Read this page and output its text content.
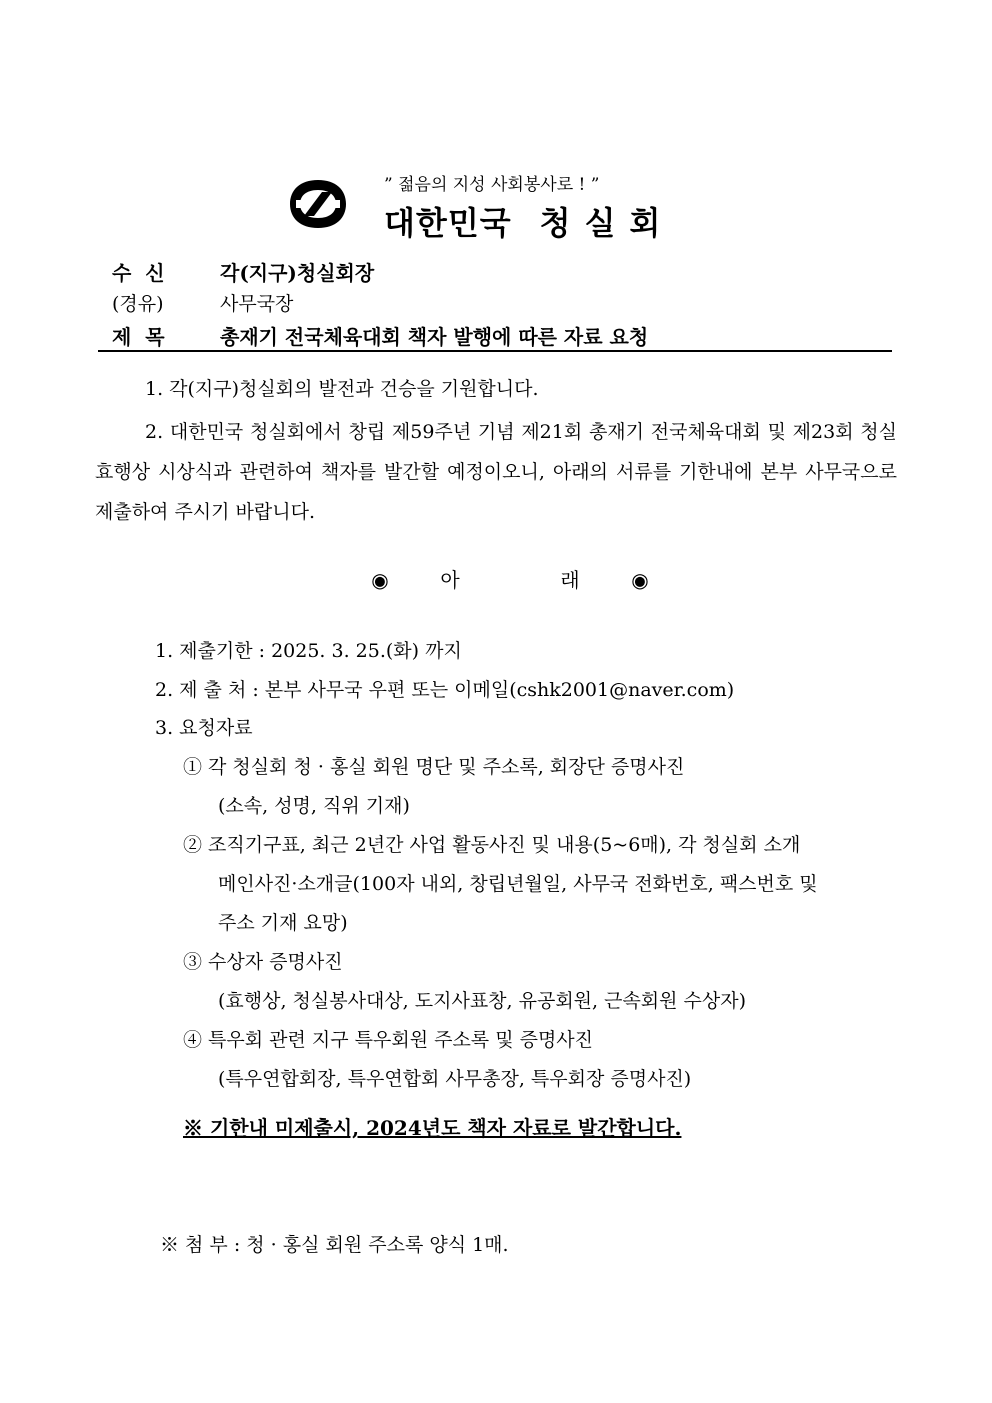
” 젊음의 지성 사회봉사로 ! ”
대한민국 청실회
수  신	각(지구)청실회장
(경유)	사무국장
제  목	총재기 전국체육대회 책자 발행에 따른 자료 요청
1. 각(지구)청실회의 발전과 건승을 기원합니다.
2. 대한민국 청실회에서 창립 제59주년 기념 제21회 총재기 전국체육대회 및 제23회 청실효행상 시상식과 관련하여 책자를 발간할 예정이오니, 아래의 서류를 기한내에 본부 사무국으로 제출하여 주시기 바랍니다.
◉	아	래	◉
1. 제출기한 : 2025. 3. 25.(화) 까지
2. 제 출 처 : 본부 사무국 우편 또는 이메일(cshk2001@naver.com)
3. 요청자료
① 각 청실회 청 · 홍실 회원 명단 및 주소록, 회장단 증명사진
(소속, 성명, 직위 기재)
② 조직기구표, 최근 2년간 사업 활동사진 및 내용(5~6매), 각 청실회 소개
메인사진·소개글(100자 내외, 창립년월일, 사무국 전화번호, 팩스번호 및
주소 기재 요망)
③ 수상자 증명사진
(효행상, 청실봉사대상, 도지사표창, 유공회원, 근속회원 수상자)
④ 특우회 관련 지구 특우회원 주소록 및 증명사진
(특우연합회장, 특우연합회 사무총장, 특우회장 증명사진)
※ 기한내 미제출시, 2024년도 책자 자료로 발간합니다.
※ 첨 부 : 청 · 홍실 회원 주소록 양식 1매.
